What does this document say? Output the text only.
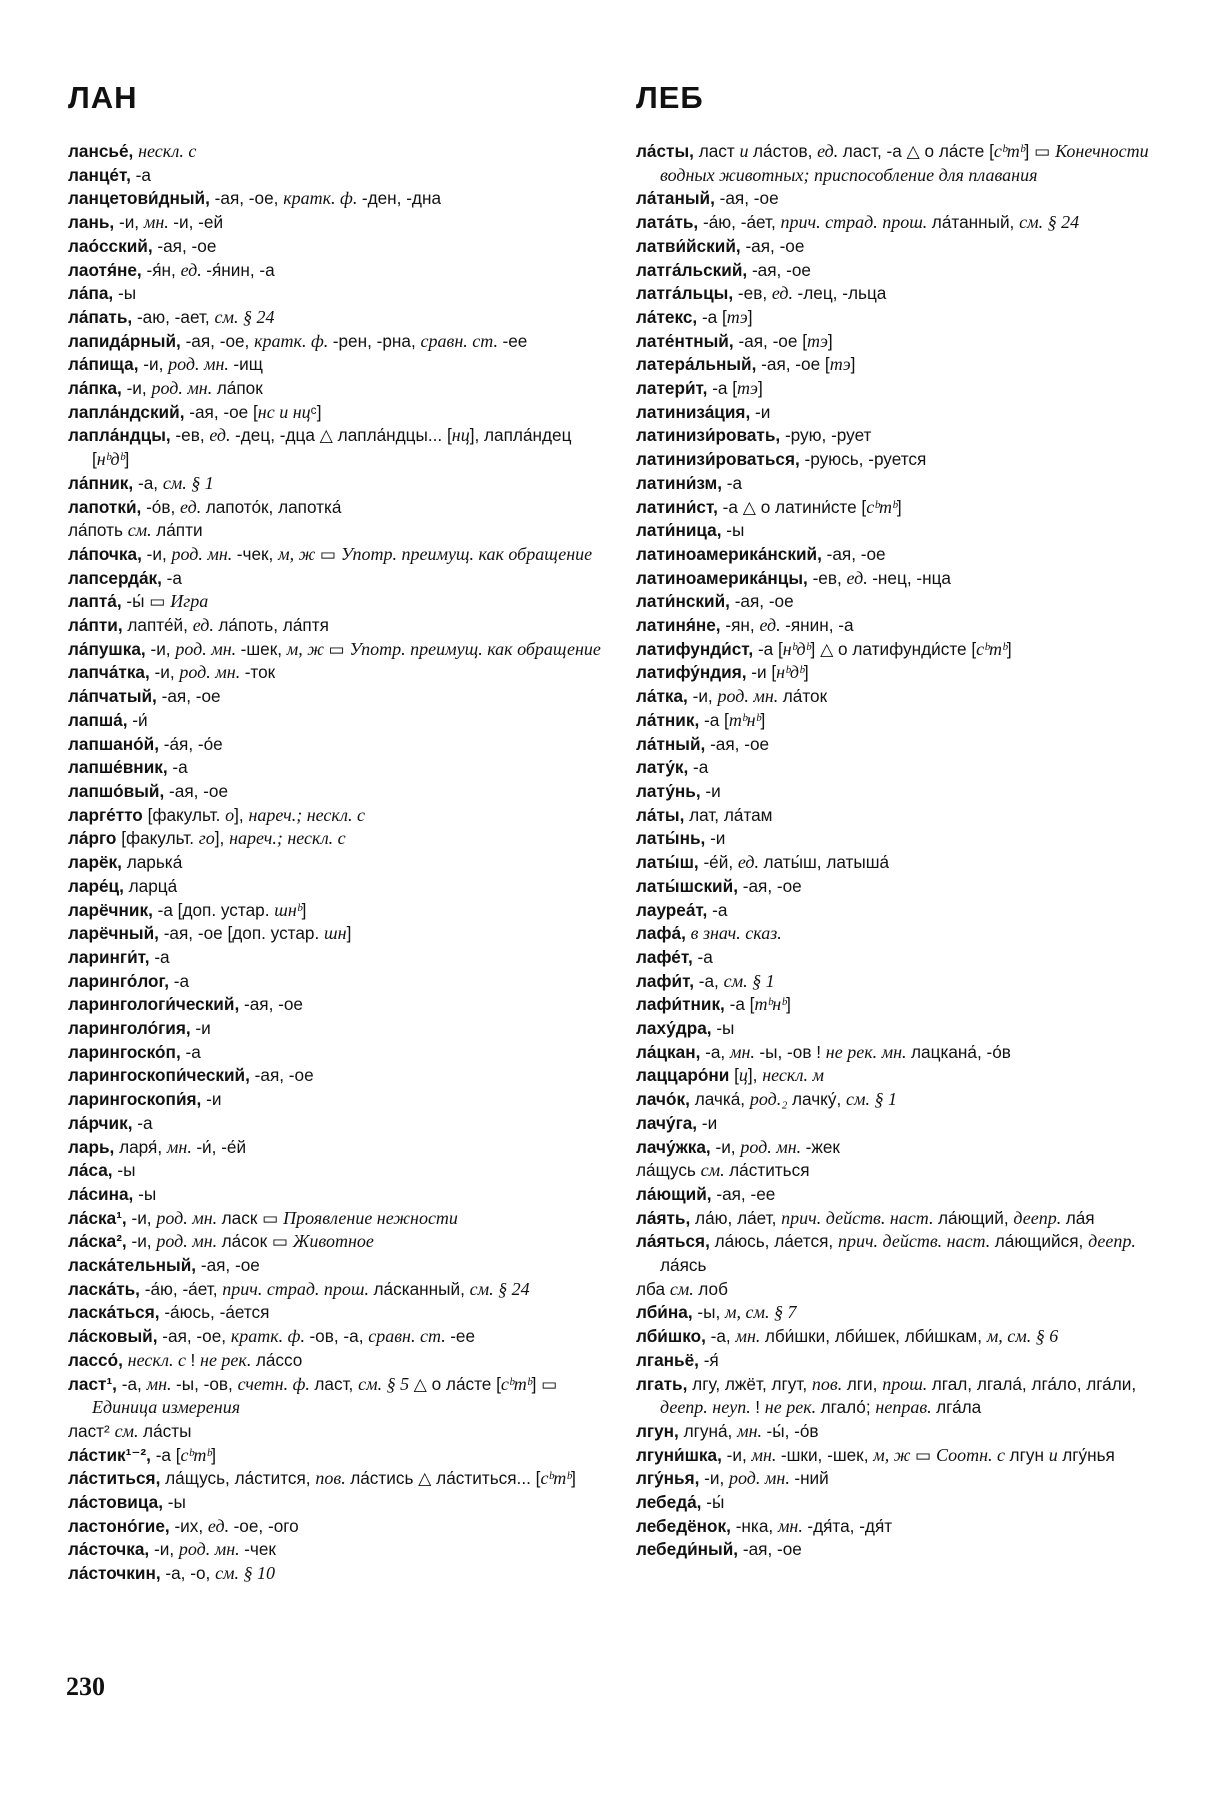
ЛАН	ЛЕБ
лансье́, нескл. с
ланце́т, -а
ланцетови́дный, -ая, -ое, кратк. ф. -ден, -дна
лань, -и, мн. -и, -ей
лао́сский, -ая, -ое
лаотя́не, -я́н, ед. -я́нин, -а
ла́па, -ы
ла́пать, -аю, -ает, см. § 24
лапида́рный, -ая, -ое, кратк. ф. -рен, -рна, сравн. ст. -ее
ла́пища, -и, род. мн. -ищ
ла́пка, -и, род. мн. ла́пок
лапла́ндский, -ая, -ое [нс и нцᶜ]
лапла́ндцы, -ев, ед. -дец, -дца △ лапла́ндцы... [нц], лапла́ндец [нᵇдᵇ]
ла́пник, -а, см. § 1
лапотки́, -о́в, ед. лапото́к, лапотка́
ла́поть см. ла́пти
ла́почка, -и, род. мн. -чек, м, ж ▭ Употр. преимущ. как обращение
лапсерда́к, -а
лапта́, -ы́ ▭ Игра
ла́пти, лапте́й, ед. ла́поть, ла́птя
ла́пушка, -и, род. мн. -шек, м, ж ▭ Употр. преимущ. как обращение
лапча́тка, -и, род. мн. -ток
ла́пчатый, -ая, -ое
лапша́, -и́
лапшано́й, -а́я, -о́е
лапше́вник, -а
лапшо́вый, -ая, -ое
ларге́тто [факульт. о], нареч.; нескл. с
ла́рго [факульт. го], нареч.; нескл. с
ларёк, ларька́
ларе́ц, ларца́
ларёчник, -а [доп. устар. шнᵇ]
ларёчный, -ая, -ое [доп. устар. шн]
ларинги́т, -а
ларинго́лог, -а
ларингологи́ческий, -ая, -ое
ларинголо́гия, -и
ларингоско́п, -а
ларингоскопи́ческий, -ая, -ое
ларингоскопи́я, -и
ла́рчик, -а
ларь, ларя́, мн. -и́, -е́й
ла́са, -ы
ла́сина, -ы
ла́ска¹, -и, род. мн. ласк ▭ Проявление нежности
ла́ска², -и, род. мн. ла́сок ▭ Животное
ласка́тельный, -ая, -ое
ласка́ть, -а́ю, -а́ет, прич. страд. прош. ла́сканный, см. § 24
ласка́ться, -а́юсь, -а́ется
ла́сковый, -ая, -ое, кратк. ф. -ов, -а, сравн. ст. -ее
лассо́, нескл. с ! не рек. ла́ссо
ласт¹, -а, мн. -ы, -ов, счетн. ф. ласт, см. § 5 △ о ла́сте [сᵇтᵇ] ▭ Единица измерения
ласт² см. ла́сты
ла́стик¹⁻², -а [сᵇтᵇ]
ла́ститься, ла́щусь, ла́стится, пов. ла́стись △ ла́ститься... [сᵇтᵇ]
ла́стовица, -ы
ластоно́гие, -их, ед. -ое, -ого
ла́сточка, -и, род. мн. -чек
ла́сточкин, -а, -о, см. § 10
ла́сты, ласт и ла́стов, ед. ласт, -а △ о ла́сте [сᵇтᵇ] ▭ Конечности водных животных; приспособление для плавания
ла́таный, -ая, -ое
лата́ть, -а́ю, -а́ет, прич. страд. прош. ла́танный, см. § 24
латви́йский, -ая, -ое
латга́льский, -ая, -ое
латга́льцы, -ев, ед. -лец, -льца
ла́текс, -а [тэ]
лате́нтный, -ая, -ое [тэ]
латера́льный, -ая, -ое [тэ]
латери́т, -а [тэ]
латиниза́ция, -и
латинизи́ровать, -рую, -рует
латинизи́роваться, -руюсь, -руется
латини́зм, -а
латини́ст, -а △ о латини́сте [сᵇтᵇ]
лати́ница, -ы
латиноамерика́нский, -ая, -ое
латиноамерика́нцы, -ев, ед. -нец, -нца
лати́нский, -ая, -ое
латиня́не, -ян, ед. -янин, -а
латифунди́ст, -а [нᵇдᵇ] △ о латифунди́сте [сᵇтᵇ]
латифу́ндия, -и [нᵇдᵇ]
ла́тка, -и, род. мн. ла́ток
ла́тник, -а [тᵇнᵇ]
ла́тный, -ая, -ое
лату́к, -а
лату́нь, -и
ла́ты, лат, ла́там
латы́нь, -и
латы́ш, -е́й, ед. латы́ш, латыша́
латы́шский, -ая, -ое
лауреа́т, -а
лафа́, в знач. сказ.
лафе́т, -а
лафи́т, -а, см. § 1
лафи́тник, -а [тᵇнᵇ]
лаху́дра, -ы
ла́цкан, -а, мн. -ы, -ов ! не рек. мн. лацкана́, -о́в
лаццаро́ни [ц], нескл. м
лачо́к, лачка́, род.₂ лачку́, см. § 1
лачу́га, -и
лачу́жка, -и, род. мн. -жек
ла́щусь см. ла́ститься
ла́ющий, -ая, -ее
ла́ять, ла́ю, ла́ет, прич. действ. наст. ла́ющий, деепр. ла́я
ла́яться, ла́юсь, ла́ется, прич. действ. наст. ла́ющийся, деепр. ла́ясь
лба см. лоб
лби́на, -ы, м, см. § 7
лби́шко, -а, мн. лби́шки, лби́шек, лби́шкам, м, см. § 6
лганьё, -я́
лгать, лгу, лжёт, лгут, пов. лги, прош. лгал, лгала́, лга́ло, лга́ли, деепр. неуп. ! не рек. лгало́; неправ. лга́ла
лгун, лгуна́, мн. -ы́, -о́в
лгуни́шка, -и, мн. -шки, -шек, м, ж ▭ Соотн. с лгун и лгу́нья
лгу́нья, -и, род. мн. -ний
лебеда́, -ы́
лебедёнок, -нка, мн. -дя́та, -дя́т
лебеди́ный, -ая, -ое
230
